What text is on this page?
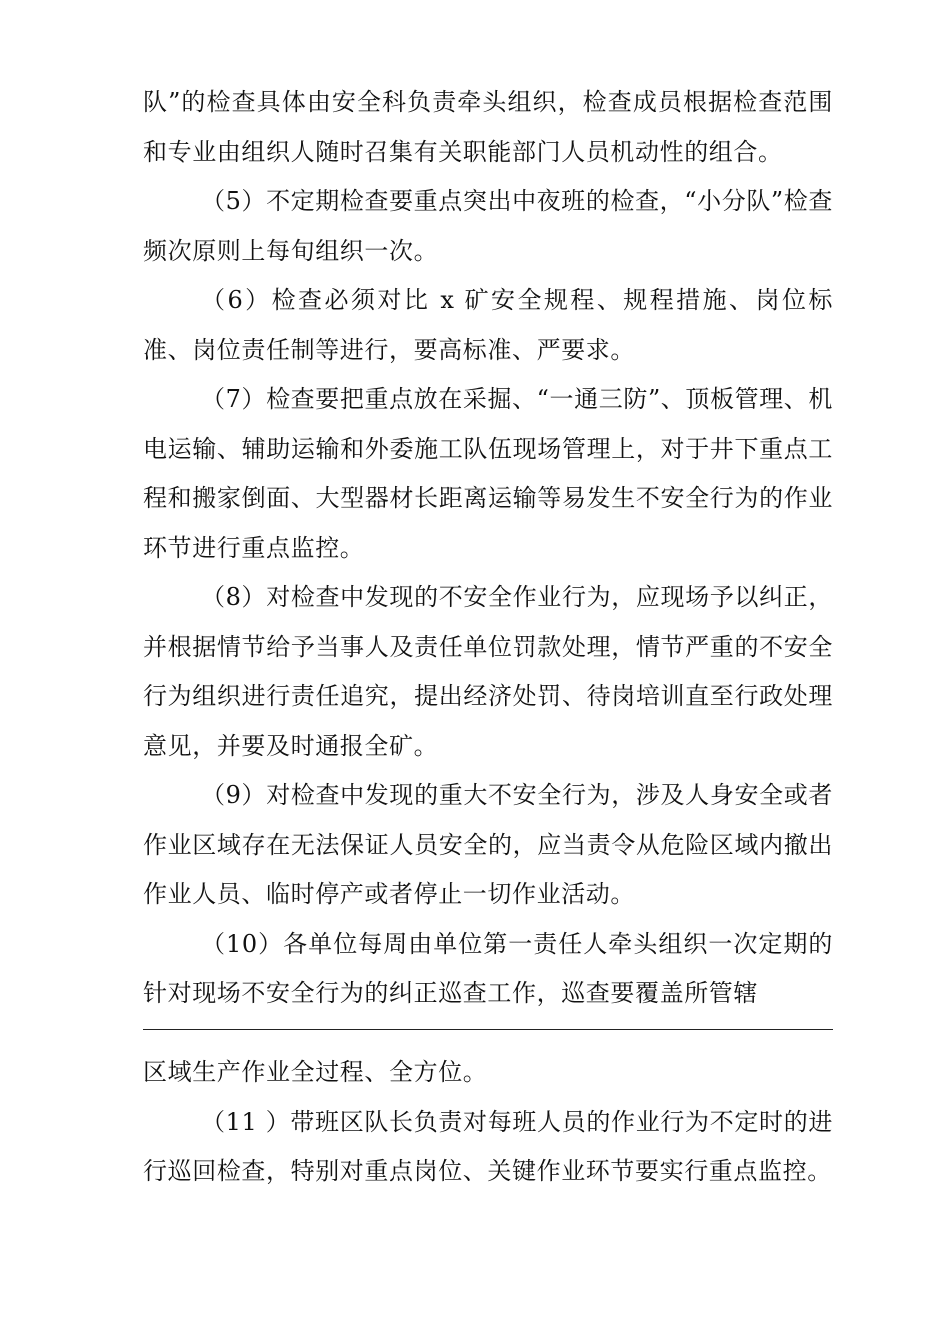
队”的检查具体由安全科负责牵头组织，检查成员根据检查范围和专业由组织人随时召集有关职能部门人员机动性的组合。

（5）不定期检查要重点突出中夜班的检查，“小分队”检查频次原则上每旬组织一次。

（6）检查必须对比 x 矿安全规程、规程措施、岗位标准、岗位责任制等进行，要高标准、严要求。

（7）检查要把重点放在采掘、“一通三防”、顶板管理、机电运输、辅助运输和外委施工队伍现场管理上，对于井下重点工程和搬家倒面、大型器材长距离运输等易发生不安全行为的作业环节进行重点监控。

（8）对检查中发现的不安全作业行为，应现场予以纠正，并根据情节给予当事人及责任单位罚款处理，情节严重的不安全行为组织进行责任追究，提出经济处罚、待岗培训直至行政处理意见，并要及时通报全矿。

（9）对检查中发现的重大不安全行为，涉及人身安全或者作业区域存在无法保证人员安全的，应当责令从危险区域内撤出作业人员、临时停产或者停止一切作业活动。

（10）各单位每周由单位第一责任人牵头组织一次定期的针对现场不安全行为的纠正巡查工作，巡查要覆盖所管辖

区域生产作业全过程、全方位。

（11 ）带班区队长负责对每班人员的作业行为不定时的进行巡回检查，特别对重点岗位、关键作业环节要实行重点监控。
